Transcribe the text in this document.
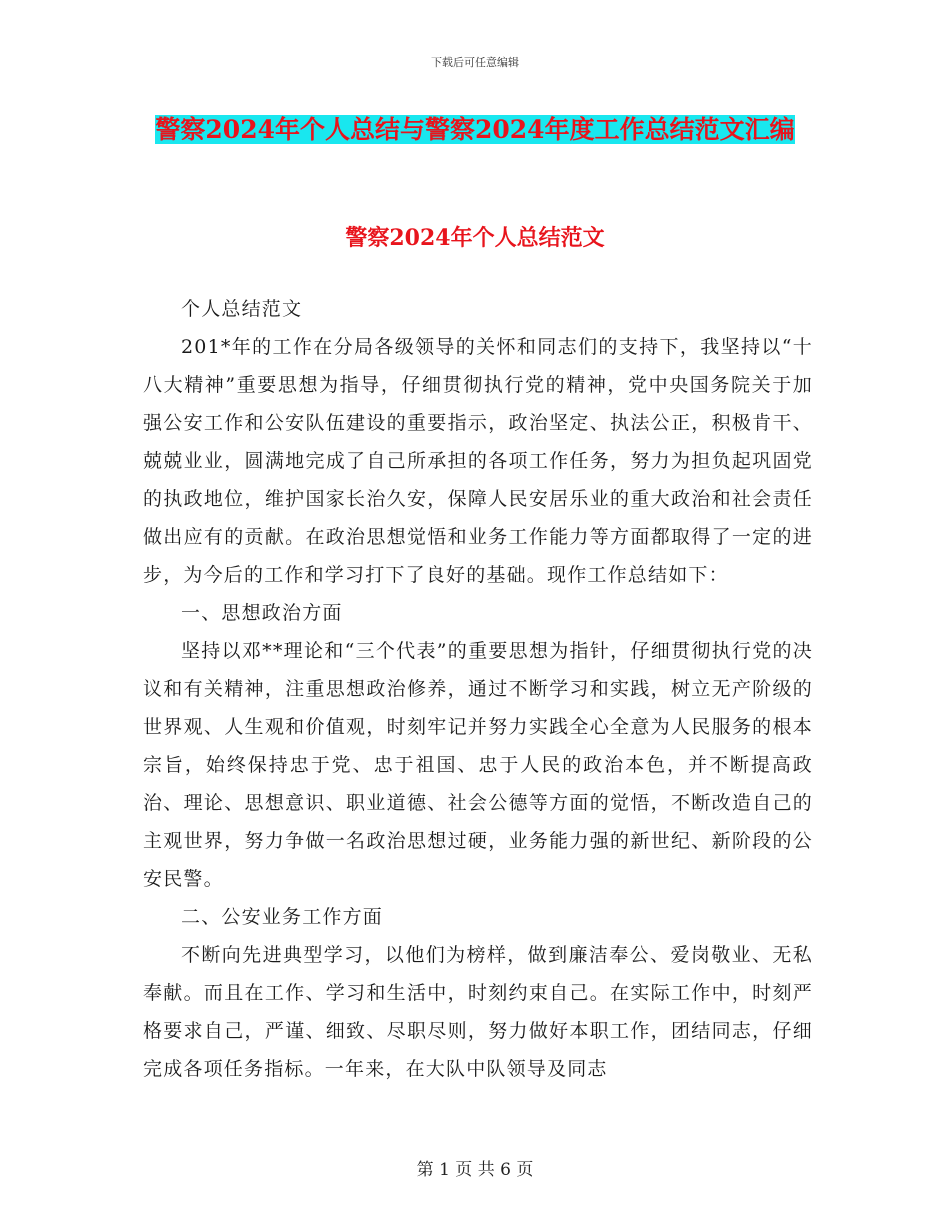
下载后可任意编辑
警察2024年个人总结与警察2024年度工作总结范文汇编
警察2024年个人总结范文

个人总结范文

201*年的工作在分局各级领导的关怀和同志们的支持下，我坚持以“十八大精神”重要思想为指导，仔细贯彻执行党的精神，党中央国务院关于加强公安工作和公安队伍建设的重要指示，政治坚定、执法公正，积极肯干、兢兢业业，圆满地完成了自己所承担的各项工作任务，努力为担负起巩固党的执政地位，维护国家长治久安，保障人民安居乐业的重大政治和社会责任做出应有的贡献。在政治思想觉悟和业务工作能力等方面都取得了一定的进步，为今后的工作和学习打下了良好的基础。现作工作总结如下：

一、思想政治方面

坚持以邓**理论和“三个代表”的重要思想为指针，仔细贯彻执行党的决议和有关精神，注重思想政治修养，通过不断学习和实践，树立无产阶级的世界观、人生观和价值观，时刻牢记并努力实践全心全意为人民服务的根本宗旨，始终保持忠于党、忠于祖国、忠于人民的政治本色，并不断提高政治、理论、思想意识、职业道德、社会公德等方面的觉悟，不断改造自己的主观世界，努力争做一名政治思想过硬，业务能力强的新世纪、新阶段的公安民警。

二、公安业务工作方面

不断向先进典型学习，以他们为榜样，做到廉洁奉公、爱岗敬业、无私奉献。而且在工作、学习和生活中，时刻约束自己。在实际工作中，时刻严格要求自己，严谨、细致、尽职尽则，努力做好本职工作，团结同志，仔细完成各项任务指标。一年来，在大队中队领导及同志

第 1 页 共 6 页
